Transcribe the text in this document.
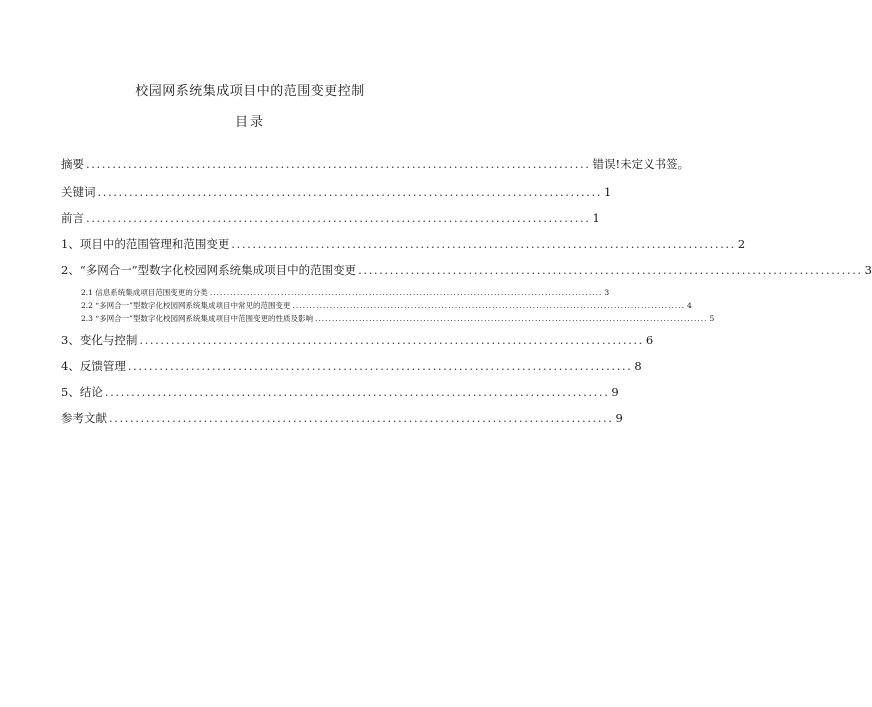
校园网系统集成项目中的范围变更控制
目录
摘要 ................................................................................................ 错误!未定义书签。
关键词 ................................................................................................ 1
前言 ................................................................................................ 1
1、项目中的范围管理和范围变更 ................................................................................................ 2
2、“多网合一”型数字化校园网系统集成项目中的范围变更 ................................................................................................ 3
2.1 信息系统集成项目范围变更的分类 .................................................................................................................... 3
2.2 “多网合一”型数字化校园网系统集成项目中常见的范围变更 .................................................................................................................... 4
2.3 “多网合一”型数字化校园网系统集成项目中范围变更的性质及影响 .................................................................................................................... 5
3、变化与控制 ................................................................................................ 6
4、反馈管理 ................................................................................................ 8
5、结论 ................................................................................................ 9
参考文献 ................................................................................................ 9
